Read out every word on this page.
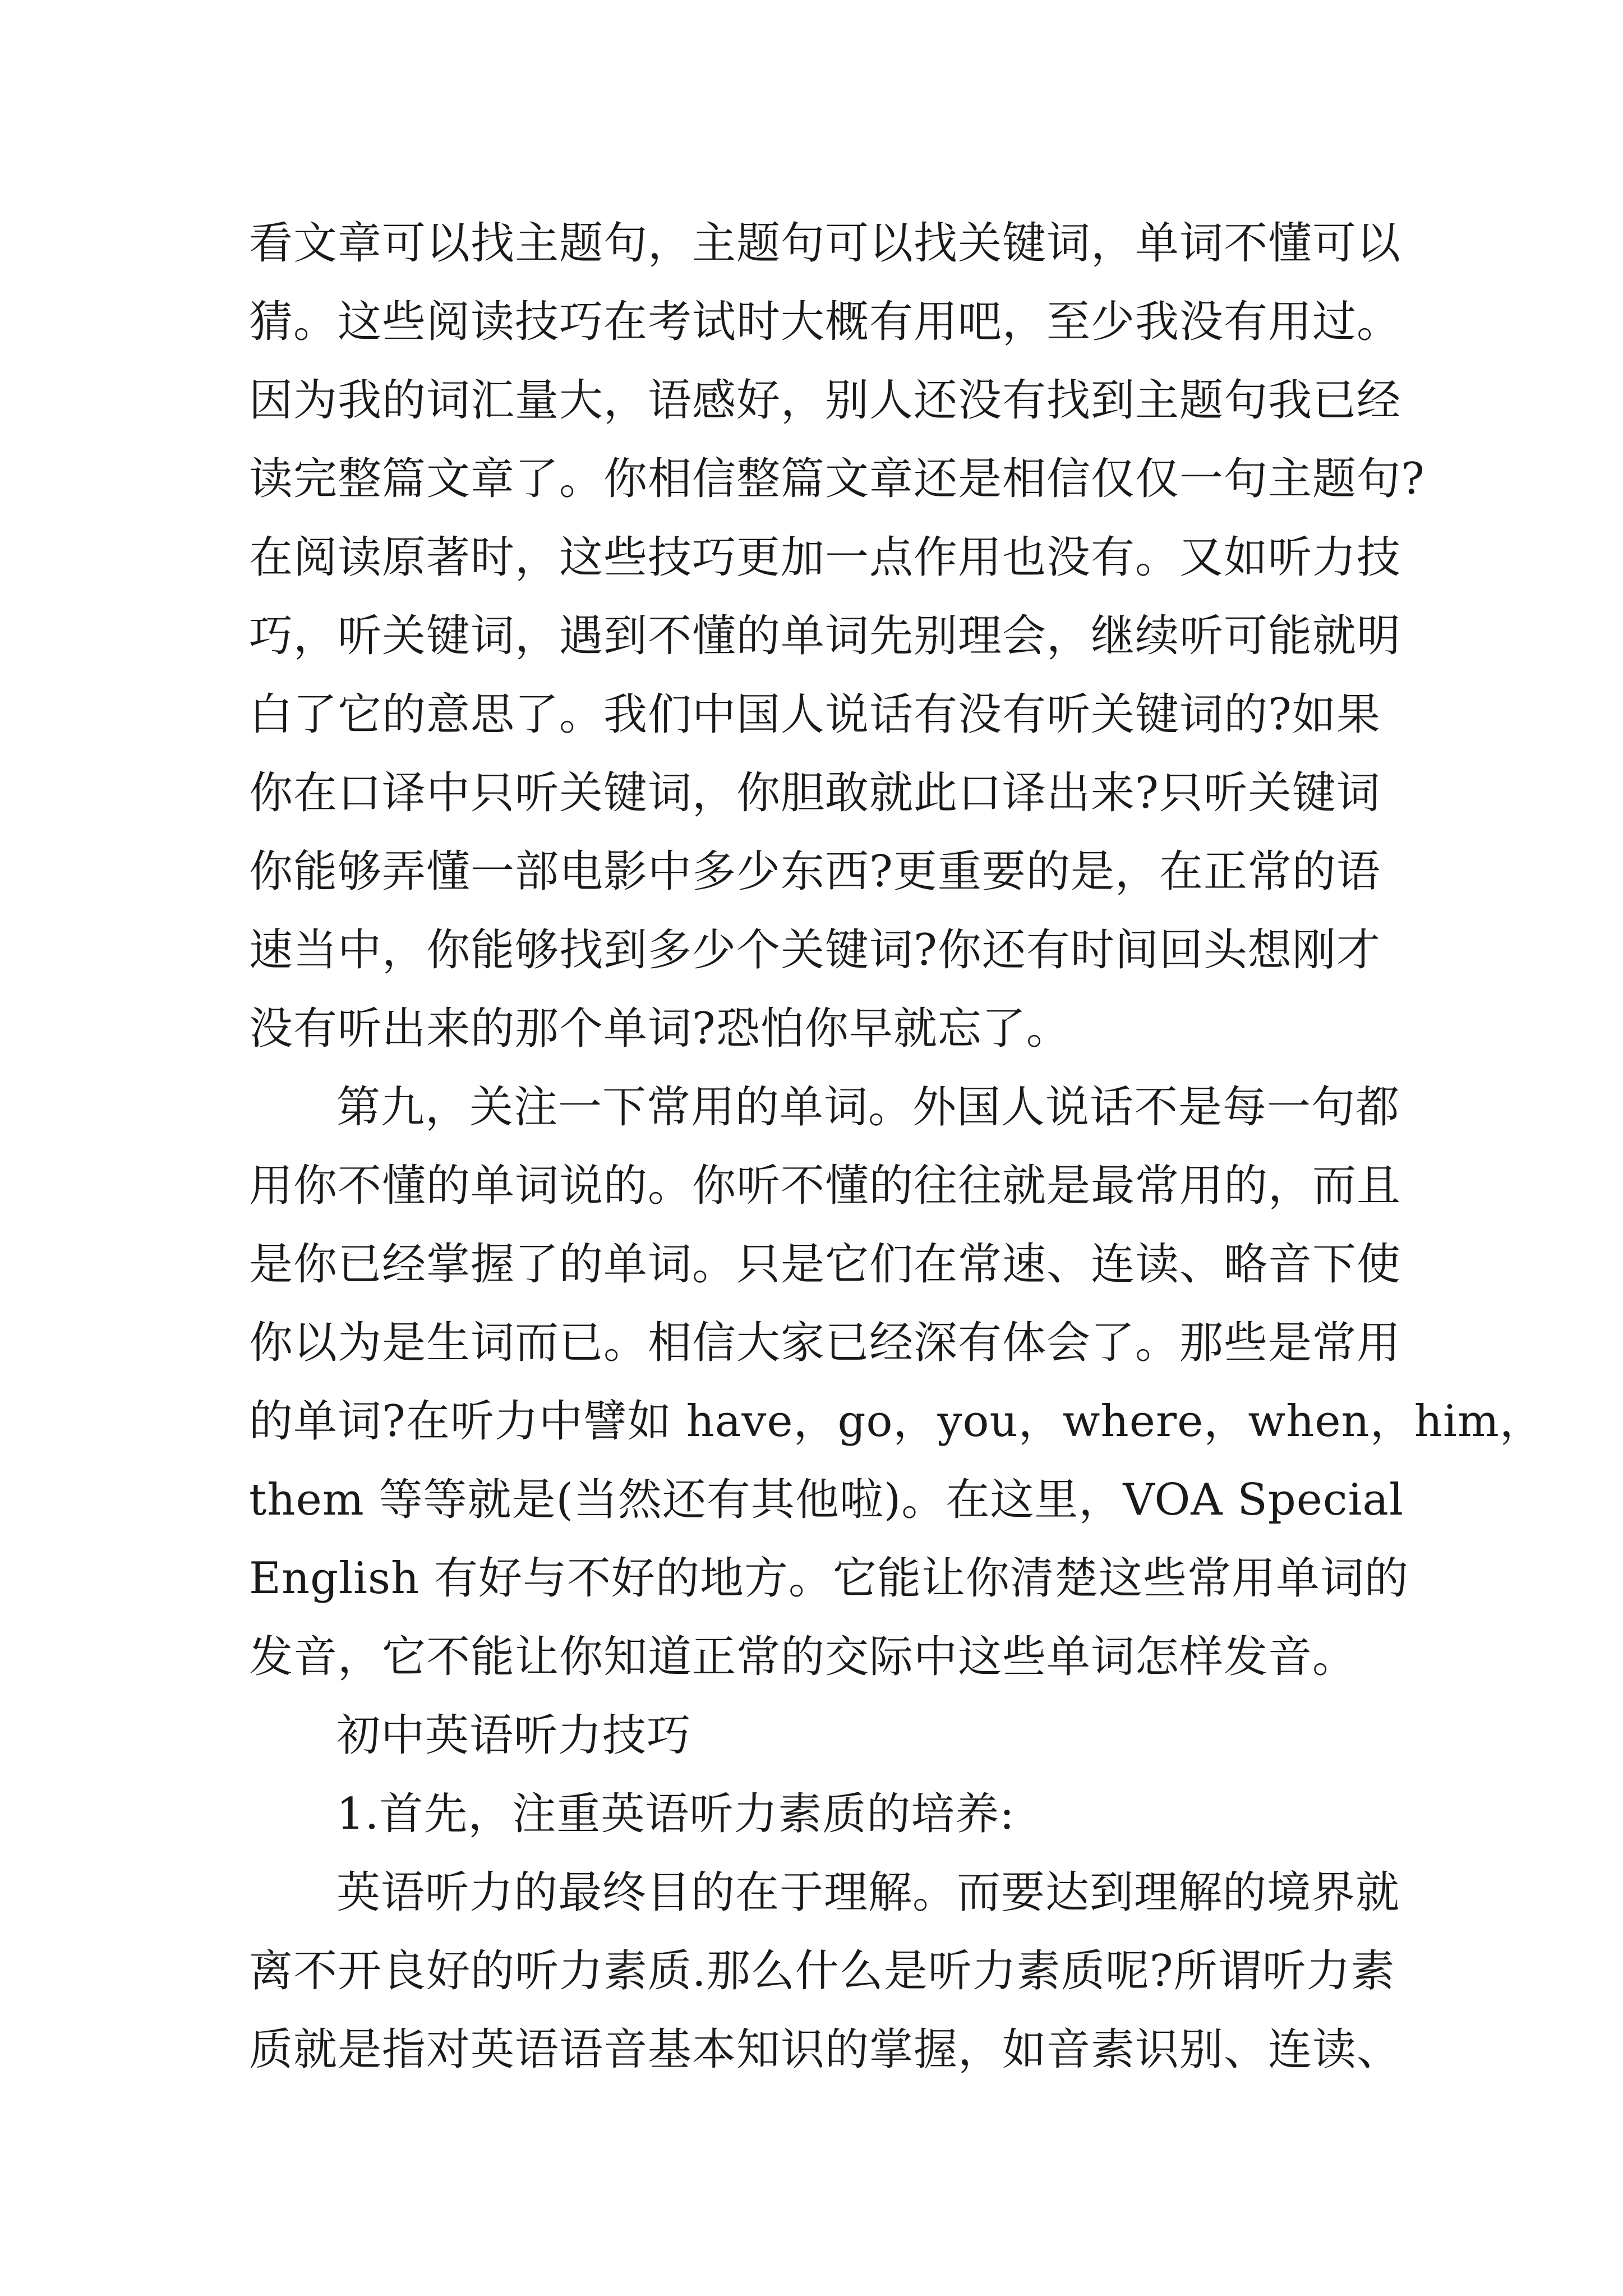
看文章可以找主题句，主题句可以找关键词，单词不懂可以
猜。这些阅读技巧在考试时大概有用吧，至少我没有用过。
因为我的词汇量大，语感好，别人还没有找到主题句我已经
读完整篇文章了。你相信整篇文章还是相信仅仅一句主题句?
在阅读原著时，这些技巧更加一点作用也没有。又如听力技
巧，听关键词，遇到不懂的单词先别理会，继续听可能就明
白了它的意思了。我们中国人说话有没有听关键词的?如果
你在口译中只听关键词，你胆敢就此口译出来?只听关键词
你能够弄懂一部电影中多少东西?更重要的是，在正常的语
速当中，你能够找到多少个关键词?你还有时间回头想刚才
没有听出来的那个单词?恐怕你早就忘了。
第九，关注一下常用的单词。外国人说话不是每一句都
用你不懂的单词说的。你听不懂的往往就是最常用的，而且
是你已经掌握了的单词。只是它们在常速、连读、略音下使
你以为是生词而已。相信大家已经深有体会了。那些是常用
的单词?在听力中譬如 have，go，you，where，when，him，
them 等等就是(当然还有其他啦)。在这里，VOA Special
English 有好与不好的地方。它能让你清楚这些常用单词的
发音，它不能让你知道正常的交际中这些单词怎样发音。
初中英语听力技巧
1.首先，注重英语听力素质的培养:
英语听力的最终目的在于理解。而要达到理解的境界就
离不开良好的听力素质.那么什么是听力素质呢?所谓听力素
质就是指对英语语音基本知识的掌握，如音素识别、连读、
